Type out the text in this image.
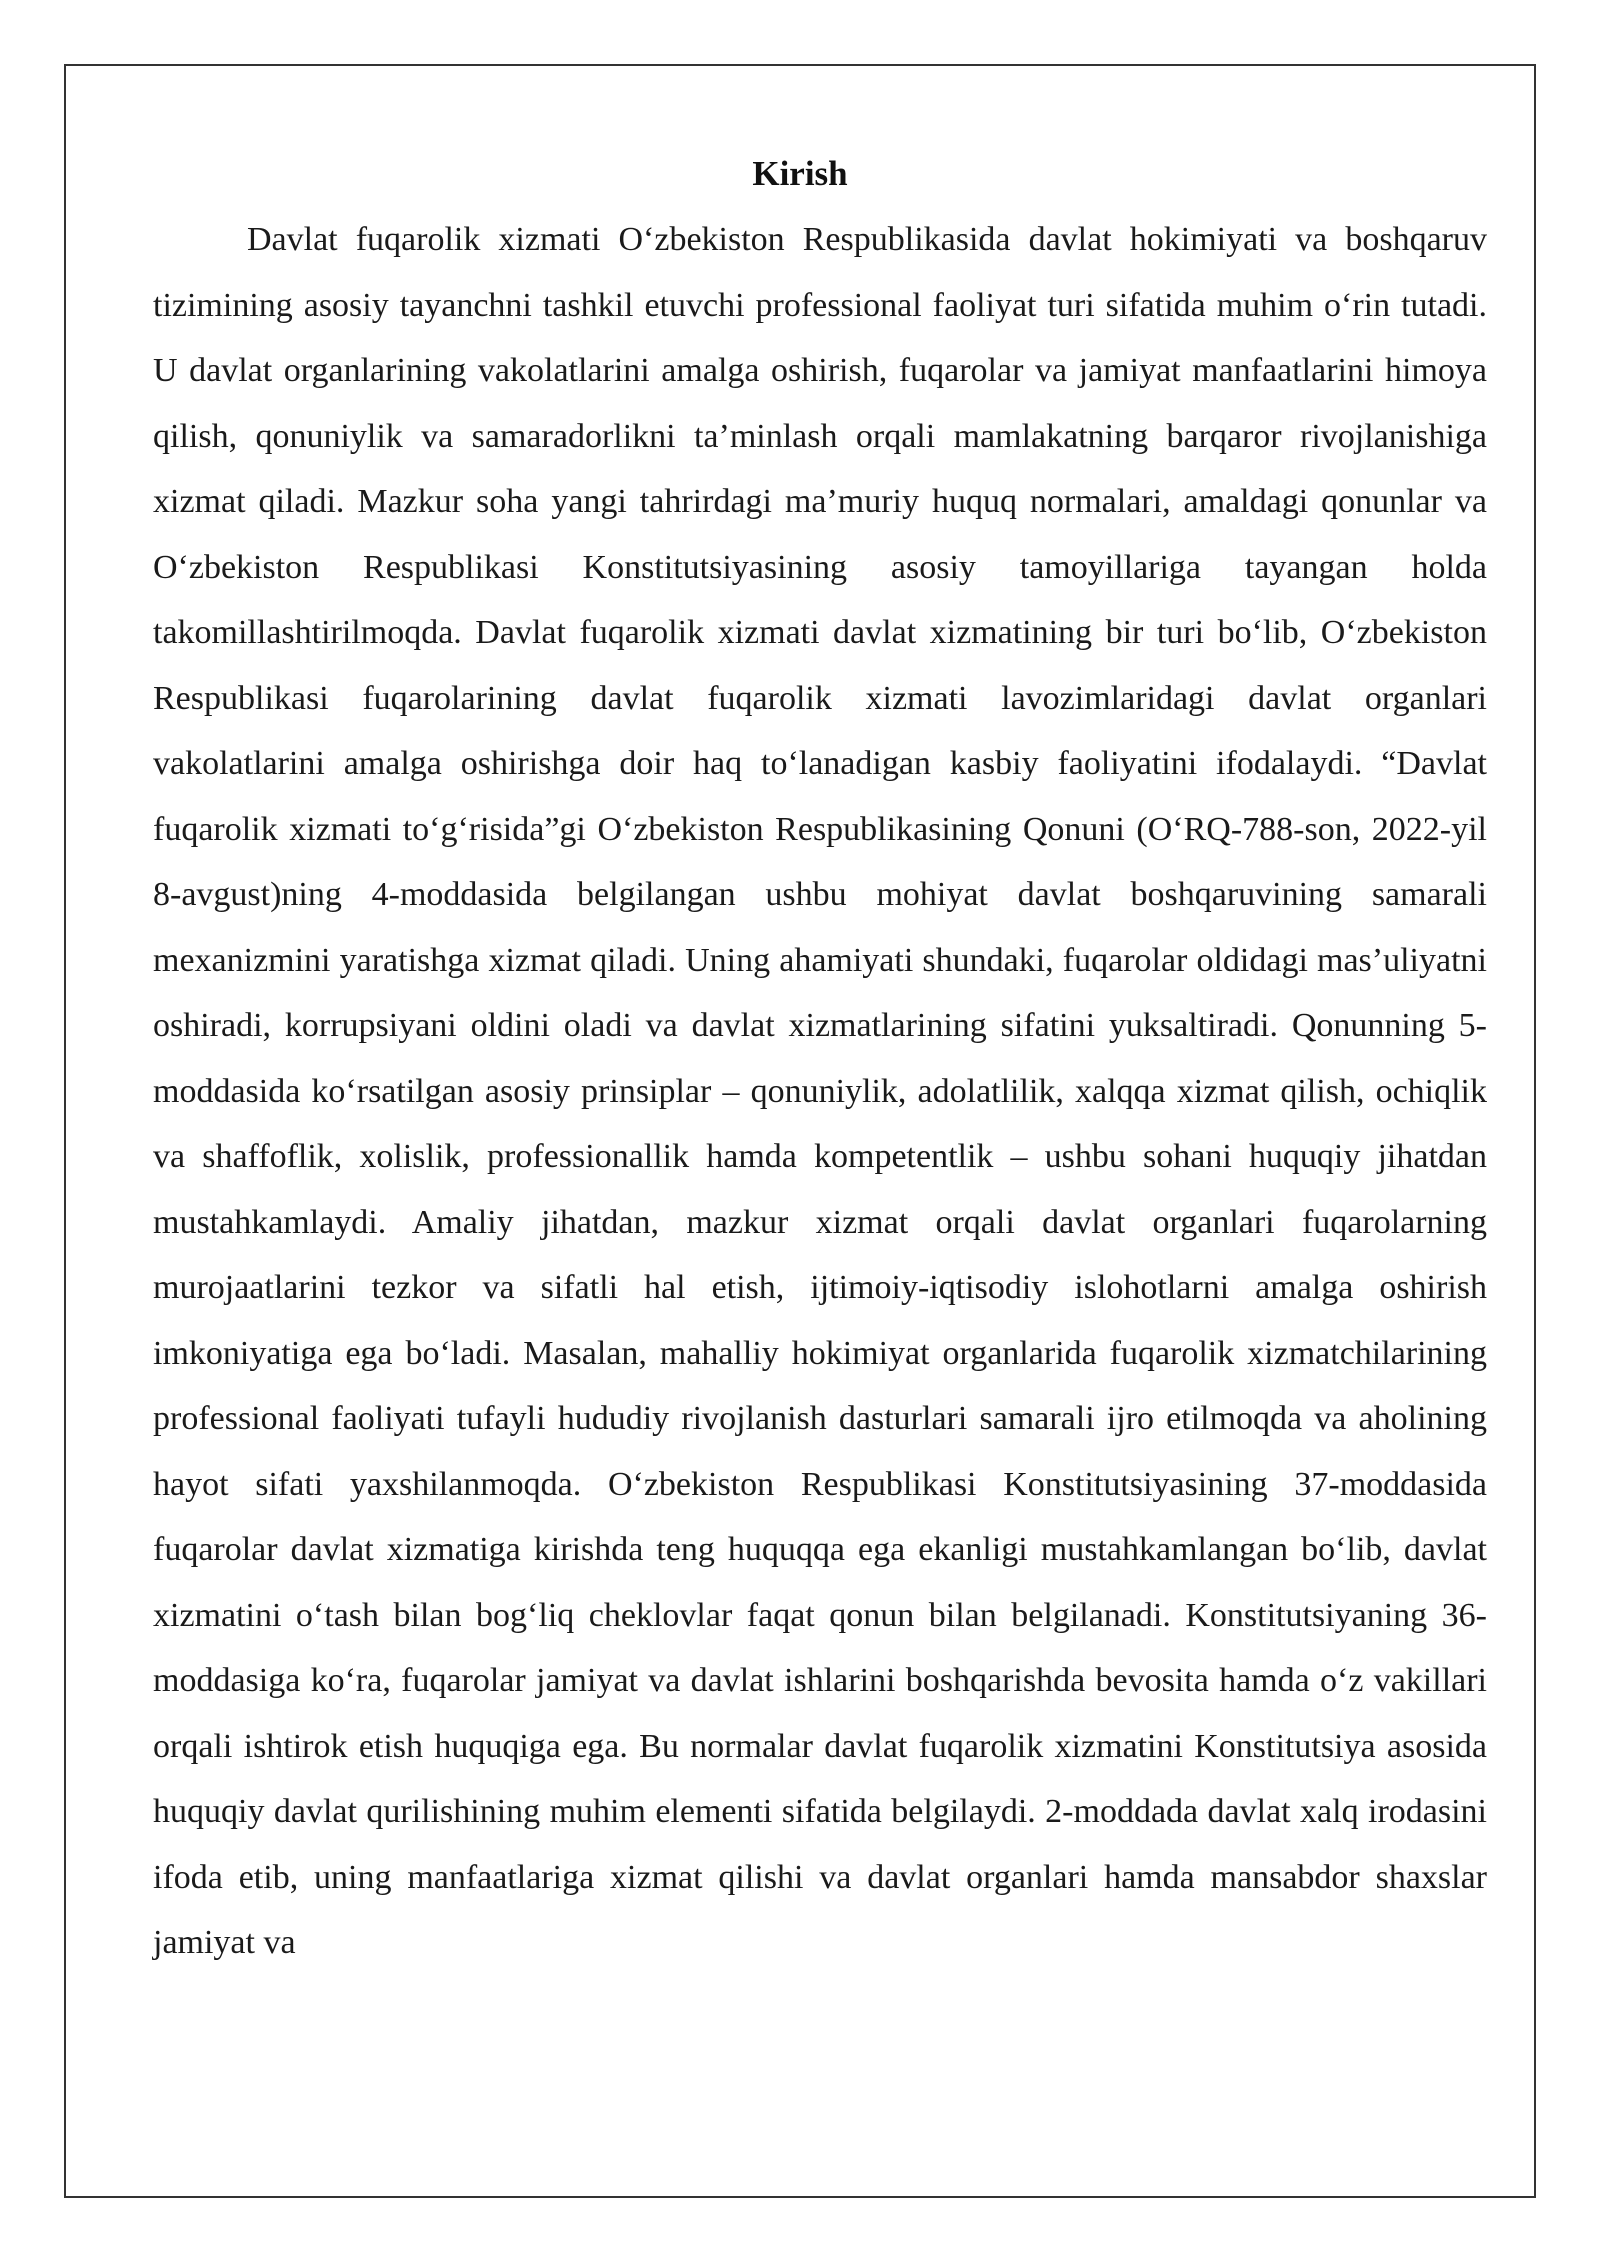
Kirish

Davlat fuqarolik xizmati O‘zbekiston Respublikasida davlat hokimiyati va boshqaruv tizimining asosiy tayanchni tashkil etuvchi professional faoliyat turi sifatida muhim o‘rin tutadi. U davlat organlarining vakolatlarini amalga oshirish, fuqarolar va jamiyat manfaatlarini himoya qilish, qonuniylik va samaradorlikni ta’minlash orqali mamlakatning barqaror rivojlanishiga xizmat qiladi. Mazkur soha yangi tahrirdagi ma’muriy huquq normalari, amaldagi qonunlar va O‘zbekiston Respublikasi Konstitutsiyasining asosiy tamoyillariga tayangan holda takomillashtirilmoqda. Davlat fuqarolik xizmati davlat xizmatining bir turi bo‘lib, O‘zbekiston Respublikasi fuqarolarining davlat fuqarolik xizmati lavozimlaridagi davlat organlari vakolatlarini amalga oshirishga doir haq to‘lanadigan kasbiy faoliyatini ifodalaydi. “Davlat fuqarolik xizmati to‘g‘risida”gi O‘zbekiston Respublikasining Qonuni (O‘RQ-788-son, 2022-yil 8-avgust)ning 4-moddasida belgilangan ushbu mohiyat davlat boshqaruvining samarali mexanizmini yaratishga xizmat qiladi. Uning ahamiyati shundaki, fuqarolar oldidagi mas’uliyatni oshiradi, korrupsiyani oldini oladi va davlat xizmatlarining sifatini yuksaltiradi. Qonunning 5-moddasida ko‘rsatilgan asosiy prinsiplar – qonuniylik, adolatlilik, xalqqa xizmat qilish, ochiqlik va shaffoflik, xolislik, professionallik hamda kompetentlik – ushbu sohani huquqiy jihatdan mustahkamlaydi. Amaliy jihatdan, mazkur xizmat orqali davlat organlari fuqarolarning murojaatlarini tezkor va sifatli hal etish, ijtimoiy-iqtisodiy islohotlarni amalga oshirish imkoniyatiga ega bo‘ladi. Masalan, mahalliy hokimiyat organlarida fuqarolik xizmatchilarining professional faoliyati tufayli hududiy rivojlanish dasturlari samarali ijro etilmoqda va aholining hayot sifati yaxshilanmoqda. O‘zbekiston Respublikasi Konstitutsiyasining 37-moddasida fuqarolar davlat xizmatiga kirishda teng huquqqa ega ekanligi mustahkamlangan bo‘lib, davlat xizmatini o‘tash bilan bog‘liq cheklovlar faqat qonun bilan belgilanadi. Konstitutsiyaning 36-moddasiga ko‘ra, fuqarolar jamiyat va davlat ishlarini boshqarishda bevosita hamda o‘z vakillari orqali ishtirok etish huquqiga ega. Bu normalar davlat fuqarolik xizmatini Konstitutsiya asosida huquqiy davlat qurilishining muhim elementi sifatida belgilaydi. 2-moddada davlat xalq irodasini ifoda etib, uning manfaatlariga xizmat qilishi va davlat organlari hamda mansabdor shaxslar jamiyat va
